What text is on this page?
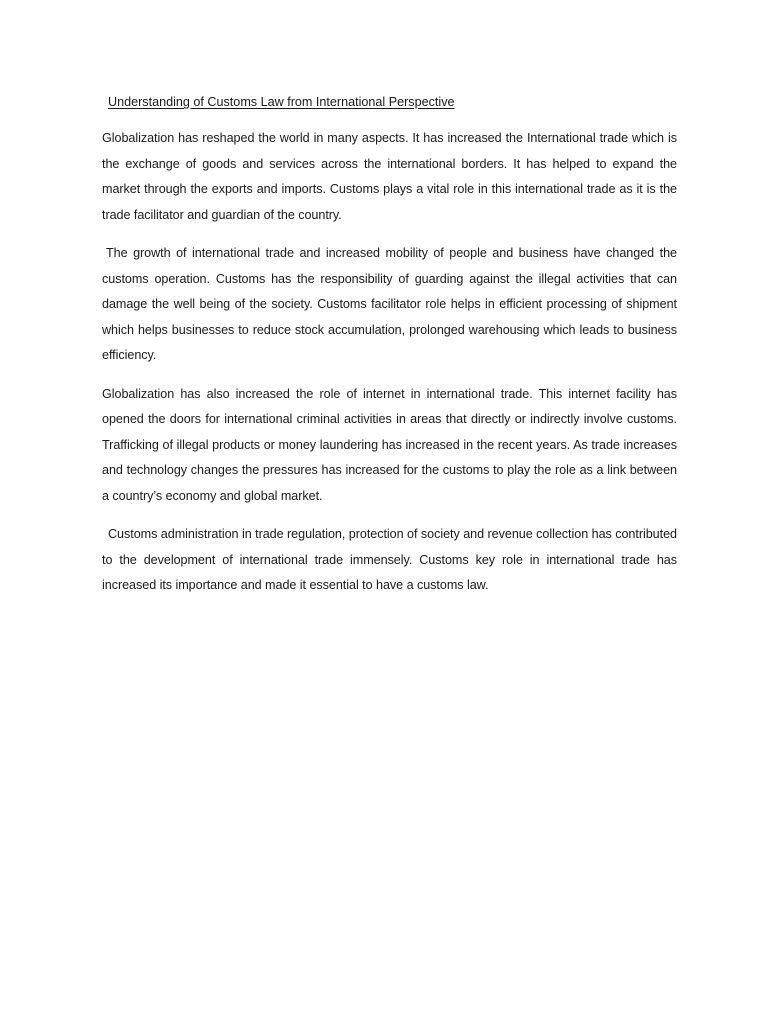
Understanding of Customs Law from International Perspective

Globalization has reshaped the world in many aspects. It has increased the International trade which is the exchange of goods and services across the international borders. It has helped to expand the market through the exports and imports. Customs plays a vital role in this international trade as it is the trade facilitator and guardian of the country.

The growth of international trade and increased mobility of people and business have changed the customs operation. Customs has the responsibility of guarding against the illegal activities that can damage the well being of the society. Customs facilitator role helps in efficient processing of shipment which helps businesses to reduce stock accumulation, prolonged warehousing which leads to business efficiency.

Globalization has also increased the role of internet in international trade. This internet facility has opened the doors for international criminal activities in areas that directly or indirectly involve customs. Trafficking of illegal products or money laundering has increased in the recent years. As trade increases and technology changes the pressures has increased for the customs to play the role as a link between a country’s economy and global market.

Customs administration in trade regulation, protection of society and revenue collection has contributed to the development of international trade immensely. Customs key role in international trade has increased its importance and made it essential to have a customs law.
